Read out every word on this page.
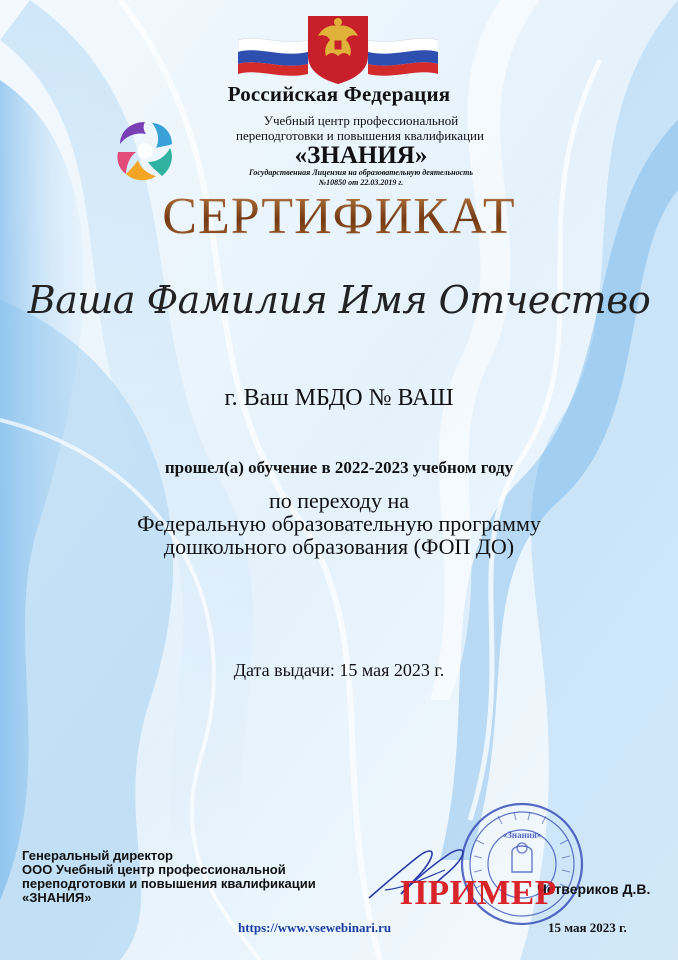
Российская Федерация
Учебный центр профессиональной
переподготовки и повышения квалификации
«ЗНАНИЯ»
Государственная Лицензия на образовательную деятельность
№10850 от 22.03.2019 г.
СЕРТИФИКАТ
Ваша Фамилия Имя Отчество
г. Ваш МБДО № ВАШ
прошел(а) обучение в 2022-2023 учебном году
по переходу на
Федеральную образовательную программу
дошкольного образования (ФОП ДО)
Дата выдачи: 15 мая 2023 г.
«Знания»
Генеральный директор
ООО Учебный центр профессиональной
переподготовки и повышения квалификации
«ЗНАНИЯ»
Четвериков Д.В.
ПРИМЕР
https://www.vsewebinari.ru	15 мая 2023 г.
